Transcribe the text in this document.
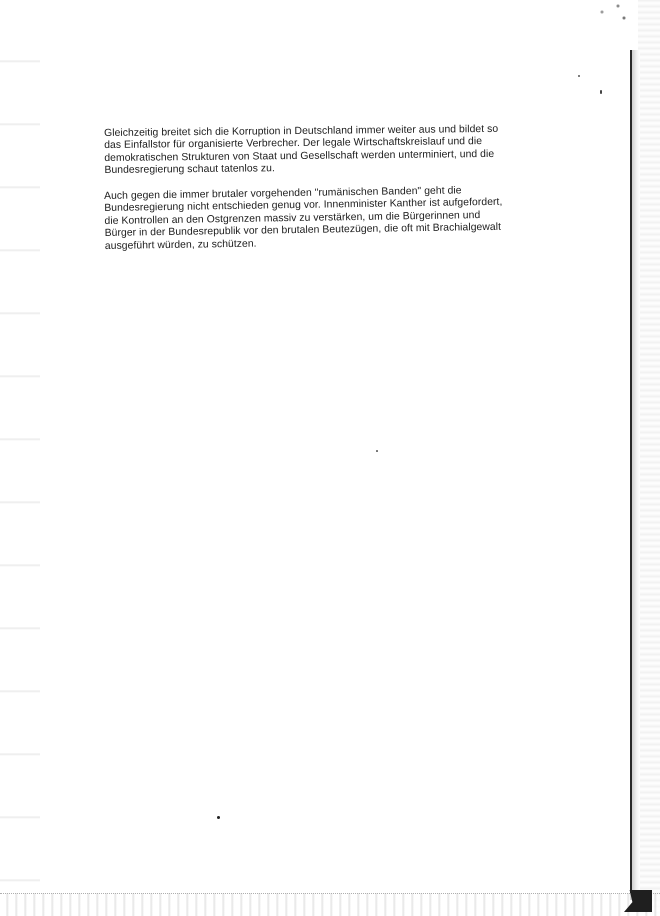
Gleichzeitig breitet sich die Korruption in Deutschland immer weiter aus und bildet so
das Einfallstor für organisierte Verbrecher. Der legale Wirtschaftskreislauf und die
demokratischen Strukturen von Staat und Gesellschaft werden unterminiert, und die
Bundesregierung schaut tatenlos zu.

Auch gegen die immer brutaler vorgehenden "rumänischen Banden" geht die
Bundesregierung nicht entschieden genug vor. Innenminister Kanther ist aufgefordert,
die Kontrollen an den Ostgrenzen massiv zu verstärken, um die Bürgerinnen und
Bürger in der Bundesrepublik vor den brutalen Beutezügen, die oft mit Brachialgewalt
ausgeführt würden, zu schützen.
